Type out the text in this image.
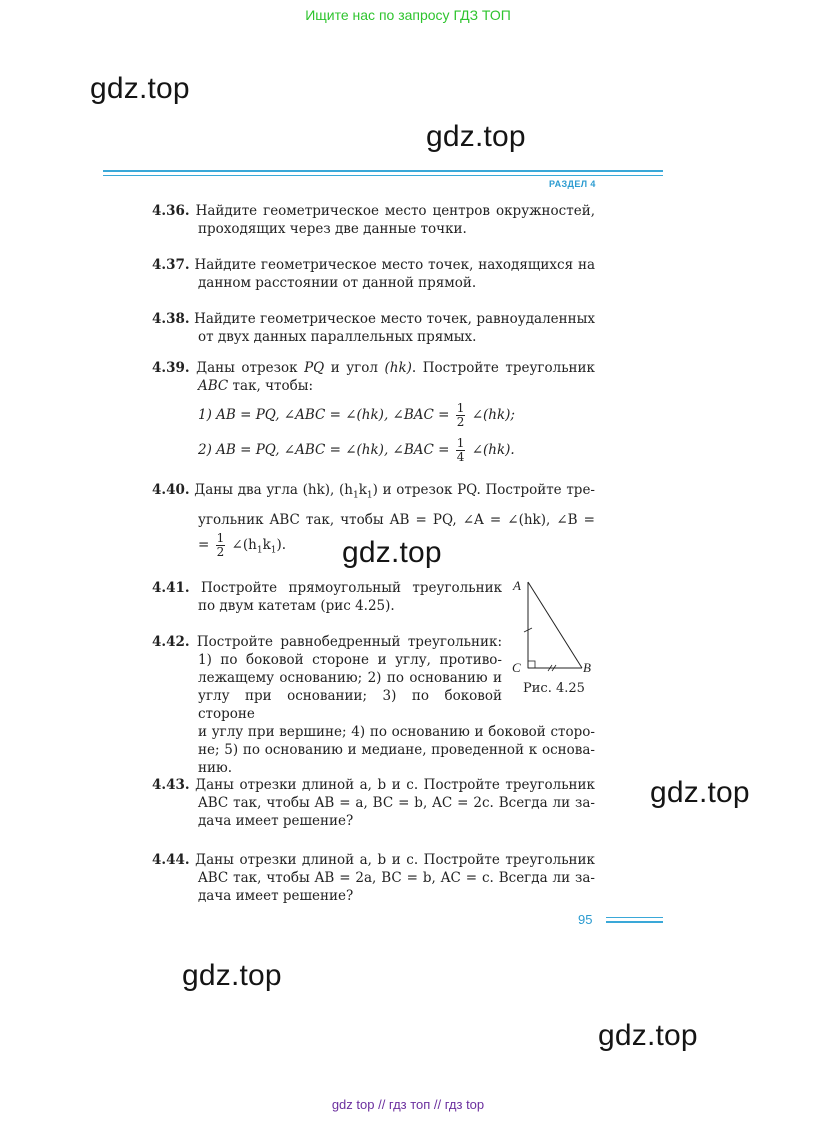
Ищите нас по запросу ГДЗ ТОП
gdz.top
gdz.top
РАЗДЕЛ 4
4.36. Найдите геометрическое место центров окружностей,
проходящих через две данные точки.
4.37. Найдите геометрическое место точек, находящихся на
данном расстоянии от данной прямой.
4.38. Найдите геометрическое место точек, равноудаленных
от двух данных параллельных прямых.
4.39. Даны отрезок PQ и угол (hk). Постройте треугольник
ABC так, чтобы:
1) AB = PQ, ∠ABC = ∠(hk), ∠BAC = $\frac{1}{2}$ ∠(hk);
2) AB = PQ, ∠ABC = ∠(hk), ∠BAC = $\frac{1}{4}$ ∠(hk).
4.40. Даны два угла (hk), $(h_1k_1)$ и отрезок PQ. Постройте тре-
угольник ABC так, чтобы AB = PQ, ∠A = ∠(hk), ∠B =
= $\frac{1}{2}$ $\angle(h_1k_1)$. gdz.top
4.41. Постройте прямоугольный треугольник
по двум катетам (рис 4.25).
4.42. Постройте равнобедренный треугольник:
1) по боковой стороне и углу, противо-
лежащему основанию; 2) по основанию и
углу при основании; 3) по боковой стороне
и углу при вершине; 4) по основанию и боковой сторо-
не; 5) по основанию и медиане, проведенной к основа-
нию.
A
C	B
Рис. 4.25
4.43. Даны отрезки длиной a, b и c. Постройте треугольник
ABC так, чтобы AB = a, BC = b, AC = 2c. Всегда ли за-
дача имеет решение?
gdz.top
4.44. Даны отрезки длиной a, b и c. Постройте треугольник
ABC так, чтобы AB = 2a, BC = b, AC = c. Всегда ли за-
дача имеет решение?
95
gdz.top
gdz.top
gdz top // гдз топ // гдз top
